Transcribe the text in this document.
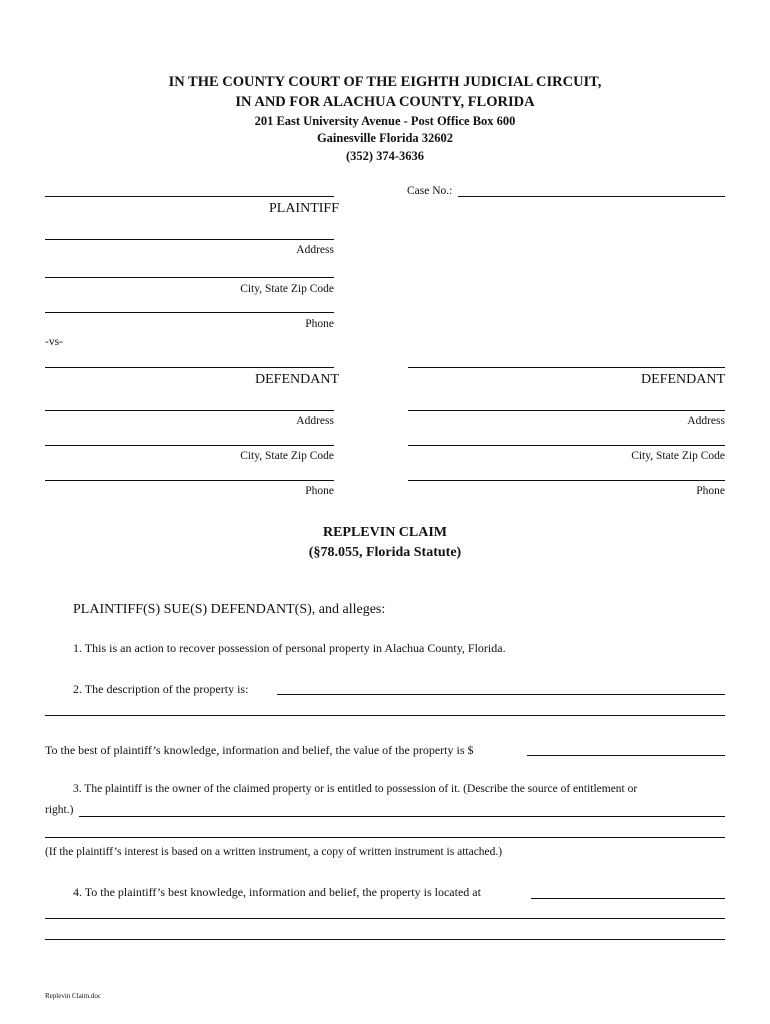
IN THE COUNTY COURT OF THE EIGHTH JUDICIAL CIRCUIT,
IN AND FOR ALACHUA COUNTY, FLORIDA
201 East University Avenue - Post Office Box 600
Gainesville Florida 32602
(352) 374-3636
Case No.:
PLAINTIFF
Address
City, State Zip Code
Phone
-vs-
DEFENDANT
Address
City, State Zip Code
Phone
DEFENDANT
Address
City, State Zip Code
Phone
REPLEVIN CLAIM
(§78.055, Florida Statute)
PLAINTIFF(S) SUE(S) DEFENDANT(S), and alleges:
1. This is an action to recover possession of personal property in Alachua County, Florida.
2. The description of the property is:
To the best of plaintiff’s knowledge, information and belief, the value of the property is $
3. The plaintiff is the owner of the claimed property or is entitled to possession of it. (Describe the source of entitlement or
right.)
(If the plaintiff’s interest is based on a written instrument, a copy of written instrument is attached.)
4. To the plaintiff’s best knowledge, information and belief, the property is located at
Replevin Claim.doc
